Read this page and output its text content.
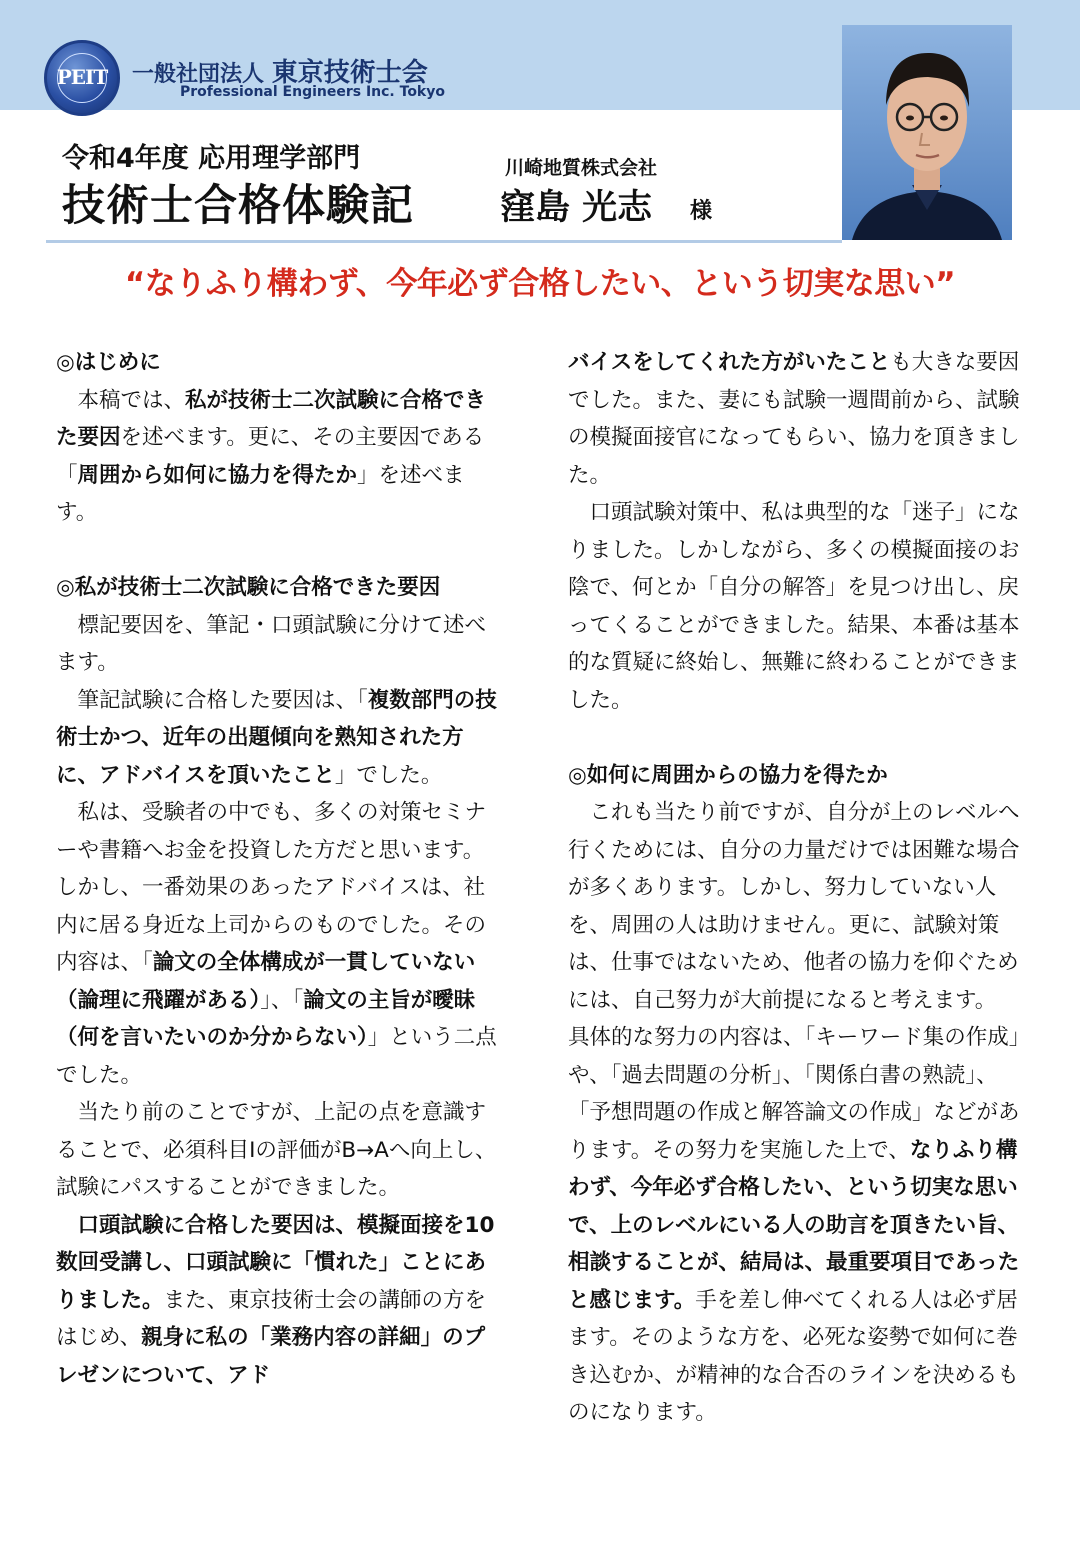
PEIT	一般社団法人 東京技術士会
Professional Engineers Inc. Tokyo
令和4年度 応用理学部門
技術士合格体験記
川崎地質株式会社
窪島 光志 様
“なりふり構わず、今年必ず合格したい、という切実な思い”

◎はじめに

本稿では、私が技術士二次試験に合格できた要因を述べます。更に、その主要因である「周囲から如何に協力を得たか」を述べます。

◎私が技術士二次試験に合格できた要因

標記要因を、筆記・口頭試験に分けて述べます。

筆記試験に合格した要因は、「複数部門の技術士かつ、近年の出題傾向を熟知された方に、アドバイスを頂いたこと」でした。

私は、受験者の中でも、多くの対策セミナーや書籍へお金を投資した方だと思います。しかし、一番効果のあったアドバイスは、社内に居る身近な上司からのものでした。その内容は、「論文の全体構成が一貫していない（論理に飛躍がある）」、「論文の主旨が曖昧（何を言いたいのか分からない）」という二点でした。

当たり前のことですが、上記の点を意識することで、必須科目Ⅰの評価がB→Aへ向上し、試験にパスすることができました。

口頭試験に合格した要因は、模擬面接を10数回受講し、口頭試験に「慣れた」ことにありました。また、東京技術士会の講師の方をはじめ、親身に私の「業務内容の詳細」のプレゼンについて、アド

バイスをしてくれた方がいたことも大きな要因でした。また、妻にも試験一週間前から、試験の模擬面接官になってもらい、協力を頂きました。

口頭試験対策中、私は典型的な「迷子」になりました。しかしながら、多くの模擬面接のお陰で、何とか「自分の解答」を見つけ出し、戻ってくることができました。結果、本番は基本的な質疑に終始し、無難に終わることができました。

◎如何に周囲からの協力を得たか

これも当たり前ですが、自分が上のレベルへ行くためには、自分の力量だけでは困難な場合が多くあります。しかし、努力していない人を、周囲の人は助けません。更に、試験対策は、仕事ではないため、他者の協力を仰ぐためには、自己努力が大前提になると考えます。

具体的な努力の内容は、「キーワード集の作成」や、「過去問題の分析」、「関係白書の熟読」、「予想問題の作成と解答論文の作成」などがあります。その努力を実施した上で、なりふり構わず、今年必ず合格したい、という切実な思いで、上のレベルにいる人の助言を頂きたい旨、相談することが、結局は、最重要項目であったと感じます。手を差し伸べてくれる人は必ず居ます。そのような方を、必死な姿勢で如何に巻き込むか、が精神的な合否のラインを決めるものになります。
